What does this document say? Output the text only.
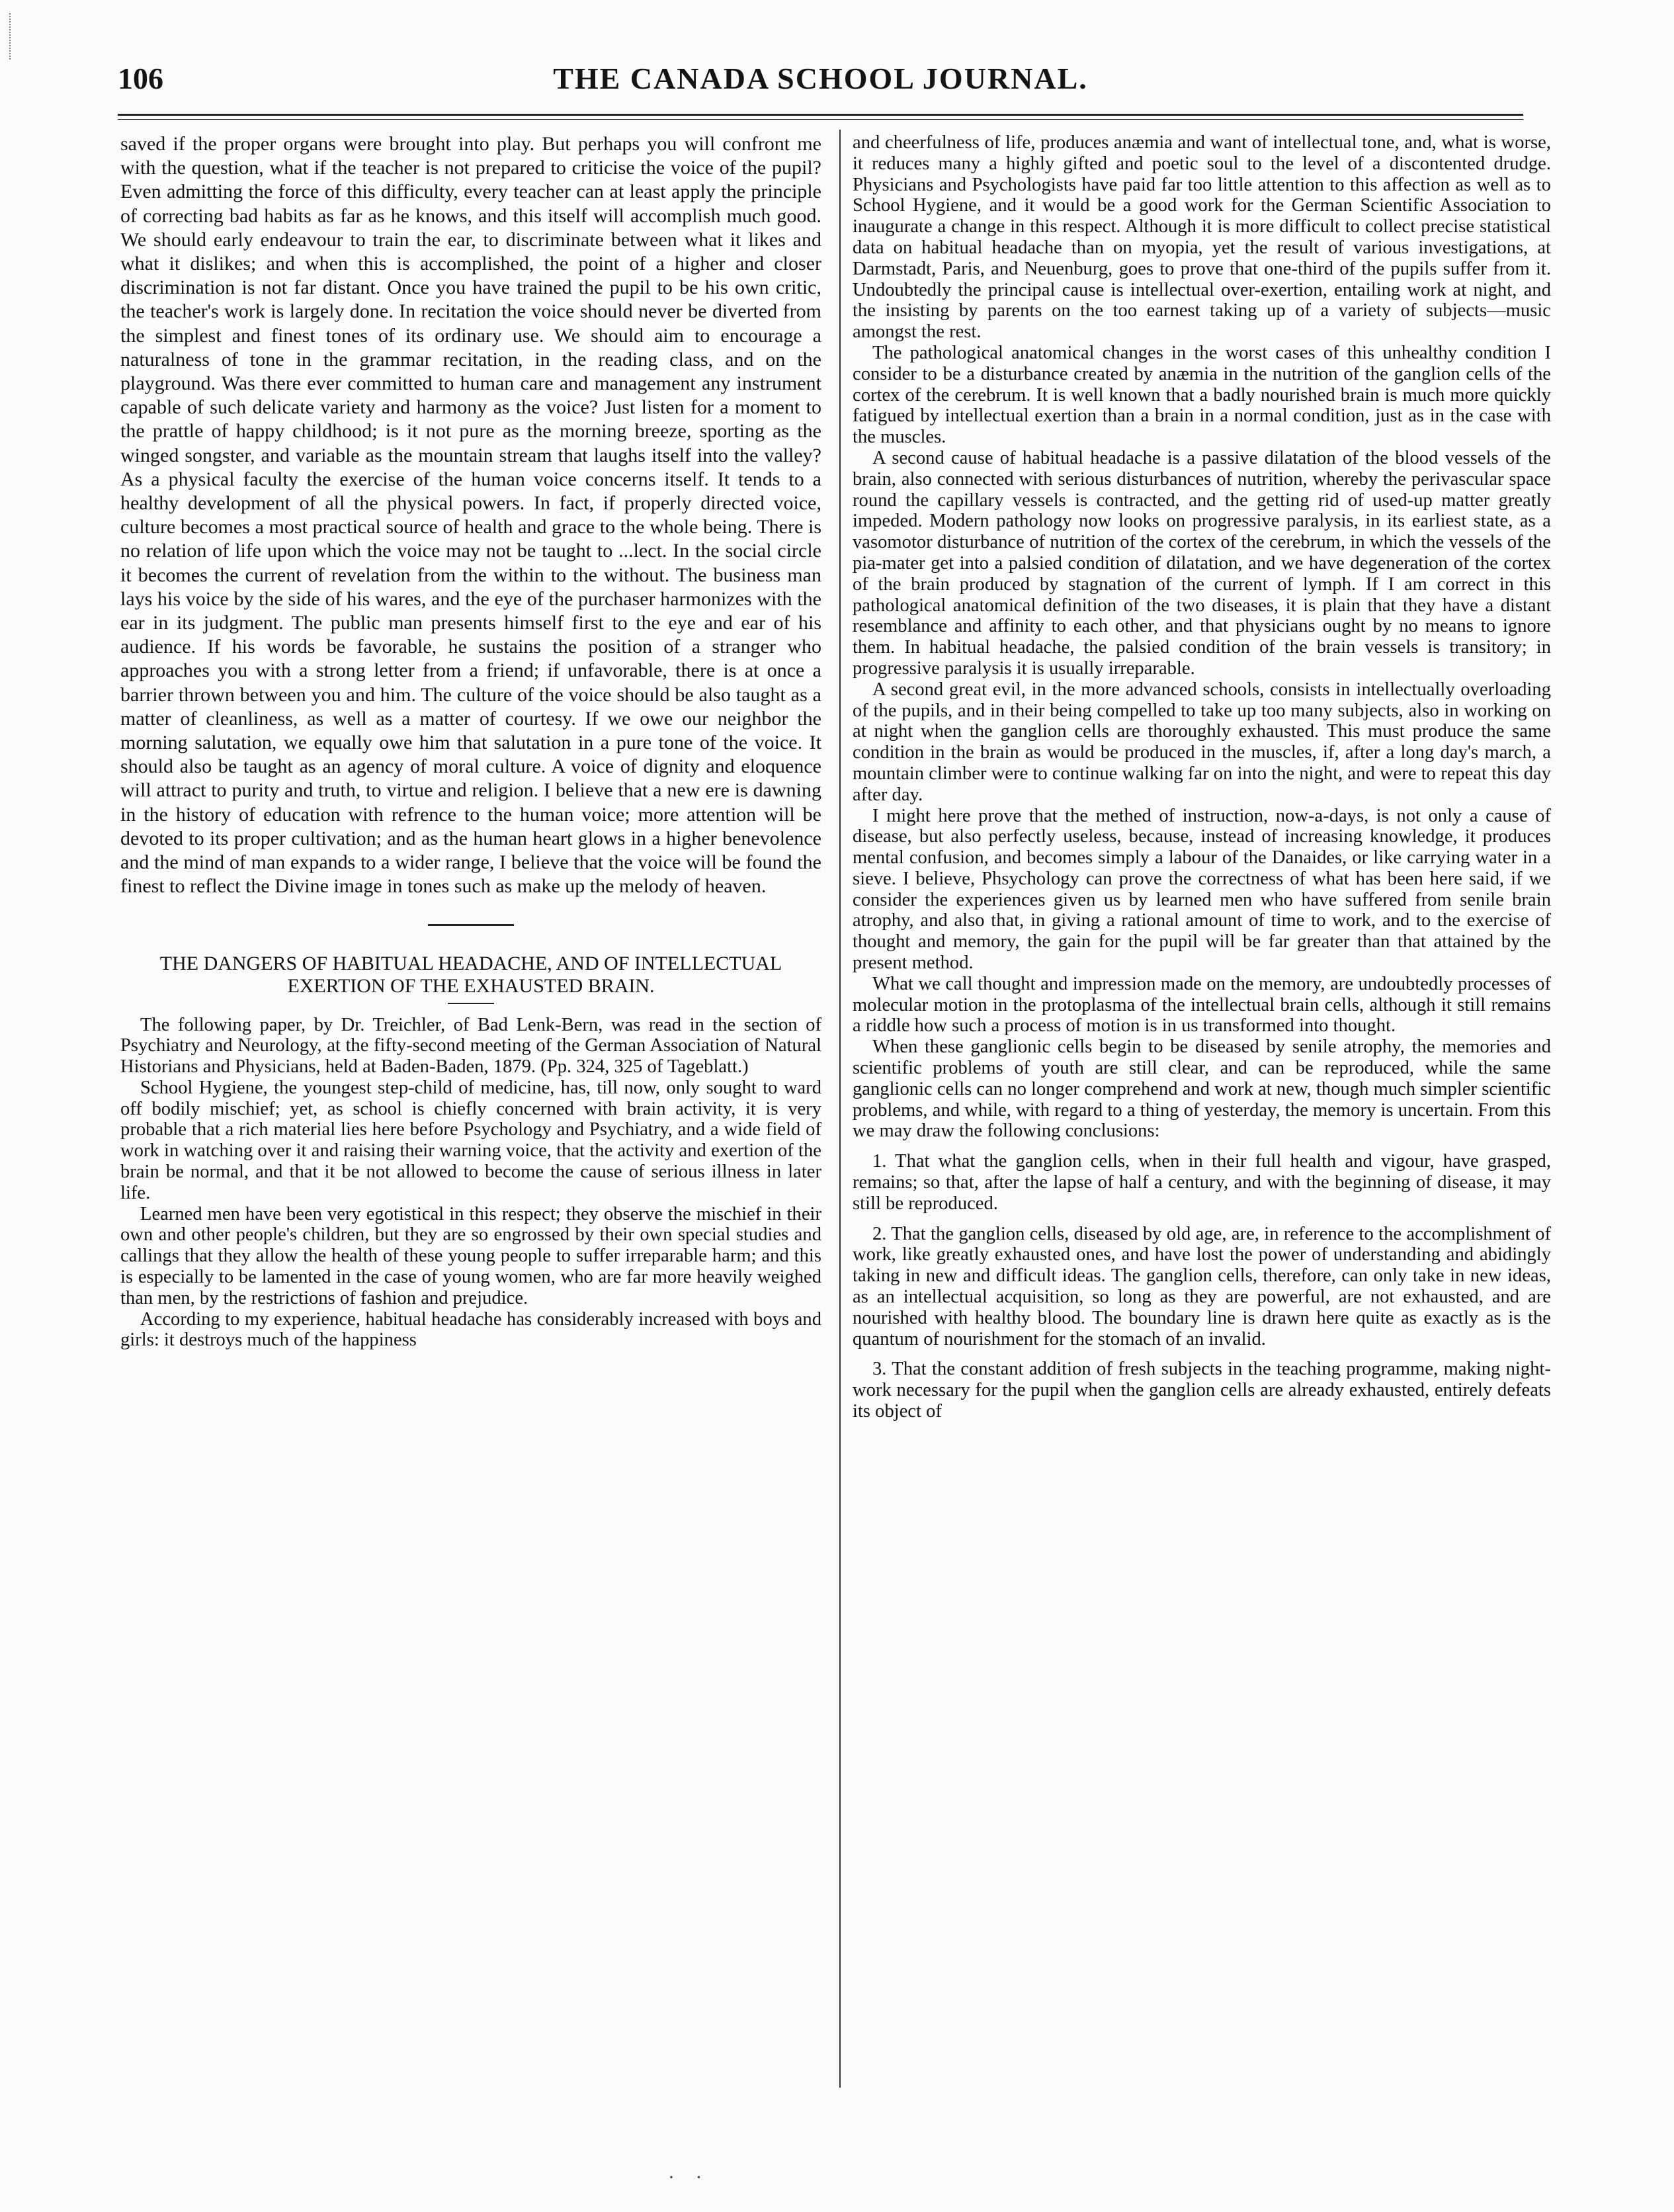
106	THE CANADA SCHOOL JOURNAL.

saved if the proper organs were brought into play. But perhaps you will confront me with the question, what if the teacher is not prepared to criticise the voice of the pupil? Even admitting the force of this difficulty, every teacher can at least apply the principle of correcting bad habits as far as he knows, and this itself will accomplish much good. We should early endeavour to train the ear, to discriminate between what it likes and what it dislikes; and when this is accomplished, the point of a higher and closer discrimination is not far distant. Once you have trained the pupil to be his own critic, the teacher's work is largely done. In recitation the voice should never be diverted from the simplest and finest tones of its ordinary use. We should aim to encourage a naturalness of tone in the grammar recitation, in the reading class, and on the playground. Was there ever committed to human care and management any instrument capable of such delicate variety and harmony as the voice? Just listen for a moment to the prattle of happy childhood; is it not pure as the morning breeze, sporting as the winged songster, and variable as the mountain stream that laughs itself into the valley? As a physical faculty the exercise of the human voice concerns itself. It tends to a healthy development of all the physical powers. In fact, if properly directed voice, culture becomes a most practical source of health and grace to the whole being. There is no relation of life upon which the voice may not be taught to ...lect. In the social circle it becomes the current of revelation from the within to the without. The business man lays his voice by the side of his wares, and the eye of the purchaser harmonizes with the ear in its judgment. The public man presents himself first to the eye and ear of his audience. If his words be favorable, he sustains the position of a stranger who approaches you with a strong letter from a friend; if unfavorable, there is at once a barrier thrown between you and him. The culture of the voice should be also taught as a matter of cleanliness, as well as a matter of courtesy. If we owe our neighbor the morning salutation, we equally owe him that salutation in a pure tone of the voice. It should also be taught as an agency of moral culture. A voice of dignity and eloquence will attract to purity and truth, to virtue and religion. I believe that a new ere is dawning in the history of education with refrence to the human voice; more attention will be devoted to its proper cultivation; and as the human heart glows in a higher benevolence and the mind of man expands to a wider range, I believe that the voice will be found the finest to reflect the Divine image in tones such as make up the melody of heaven.

THE DANGERS OF HABITUAL HEADACHE, AND OF INTELLECTUAL EXERTION OF THE EXHAUSTED BRAIN.

The following paper, by Dr. Treichler, of Bad Lenk-Bern, was read in the section of Psychiatry and Neurology, at the fifty-second meeting of the German Association of Natural Historians and Physicians, held at Baden-Baden, 1879. (Pp. 324, 325 of Tageblatt.)

School Hygiene, the youngest step-child of medicine, has, till now, only sought to ward off bodily mischief; yet, as school is chiefly concerned with brain activity, it is very probable that a rich material lies here before Psychology and Psychiatry, and a wide field of work in watching over it and raising their warning voice, that the activity and exertion of the brain be normal, and that it be not allowed to become the cause of serious illness in later life.

Learned men have been very egotistical in this respect; they observe the mischief in their own and other people's children, but they are so engrossed by their own special studies and callings that they allow the health of these young people to suffer irreparable harm; and this is especially to be lamented in the case of young women, who are far more heavily weighed than men, by the restrictions of fashion and prejudice.

According to my experience, habitual headache has considerably increased with boys and girls: it destroys much of the happiness

and cheerfulness of life, produces anæmia and want of intellectual tone, and, what is worse, it reduces many a highly gifted and poetic soul to the level of a discontented drudge. Physicians and Psychologists have paid far too little attention to this affection as well as to School Hygiene, and it would be a good work for the German Scientific Association to inaugurate a change in this respect. Although it is more difficult to collect precise statistical data on habitual headache than on myopia, yet the result of various investigations, at Darmstadt, Paris, and Neuenburg, goes to prove that one-third of the pupils suffer from it. Undoubtedly the principal cause is intellectual over-exertion, entailing work at night, and the insisting by parents on the too earnest taking up of a variety of subjects—music amongst the rest.

The pathological anatomical changes in the worst cases of this unhealthy condition I consider to be a disturbance created by anæmia in the nutrition of the ganglion cells of the cortex of the cerebrum. It is well known that a badly nourished brain is much more quickly fatigued by intellectual exertion than a brain in a normal condition, just as in the case with the muscles.

A second cause of habitual headache is a passive dilatation of the blood vessels of the brain, also connected with serious disturbances of nutrition, whereby the perivascular space round the capillary vessels is contracted, and the getting rid of used-up matter greatly impeded. Modern pathology now looks on progressive paralysis, in its earliest state, as a vasomotor disturbance of nutrition of the cortex of the cerebrum, in which the vessels of the pia-mater get into a palsied condition of dilatation, and we have degeneration of the cortex of the brain produced by stagnation of the current of lymph. If I am correct in this pathological anatomical definition of the two diseases, it is plain that they have a distant resemblance and affinity to each other, and that physicians ought by no means to ignore them. In habitual headache, the palsied condition of the brain vessels is transitory; in progressive paralysis it is usually irreparable.

A second great evil, in the more advanced schools, consists in intellectually overloading of the pupils, and in their being compelled to take up too many subjects, also in working on at night when the ganglion cells are thoroughly exhausted. This must produce the same condition in the brain as would be produced in the muscles, if, after a long day's march, a mountain climber were to continue walking far on into the night, and were to repeat this day after day.

I might here prove that the methed of instruction, now-a-days, is not only a cause of disease, but also perfectly useless, because, instead of increasing knowledge, it produces mental confusion, and becomes simply a labour of the Danaides, or like carrying water in a sieve. I believe, Phsychology can prove the correctness of what has been here said, if we consider the experiences given us by learned men who have suffered from senile brain atrophy, and also that, in giving a rational amount of time to work, and to the exercise of thought and memory, the gain for the pupil will be far greater than that attained by the present method.

What we call thought and impression made on the memory, are undoubtedly processes of molecular motion in the protoplasma of the intellectual brain cells, although it still remains a riddle how such a process of motion is in us transformed into thought.

When these ganglionic cells begin to be diseased by senile atrophy, the memories and scientific problems of youth are still clear, and can be reproduced, while the same ganglionic cells can no longer comprehend and work at new, though much simpler scientific problems, and while, with regard to a thing of yesterday, the memory is uncertain. From this we may draw the following conclusions:

1. That what the ganglion cells, when in their full health and vigour, have grasped, remains; so that, after the lapse of half a century, and with the beginning of disease, it may still be reproduced.

2. That the ganglion cells, diseased by old age, are, in reference to the accomplishment of work, like greatly exhausted ones, and have lost the power of understanding and abidingly taking in new and difficult ideas. The ganglion cells, therefore, can only take in new ideas, as an intellectual acquisition, so long as they are powerful, are not exhausted, and are nourished with healthy blood. The boundary line is drawn here quite as exactly as is the quantum of nourishment for the stomach of an invalid.

3. That the constant addition of fresh subjects in the teaching programme, making night-work necessary for the pupil when the ganglion cells are already exhausted, entirely defeats its object of

· ·
